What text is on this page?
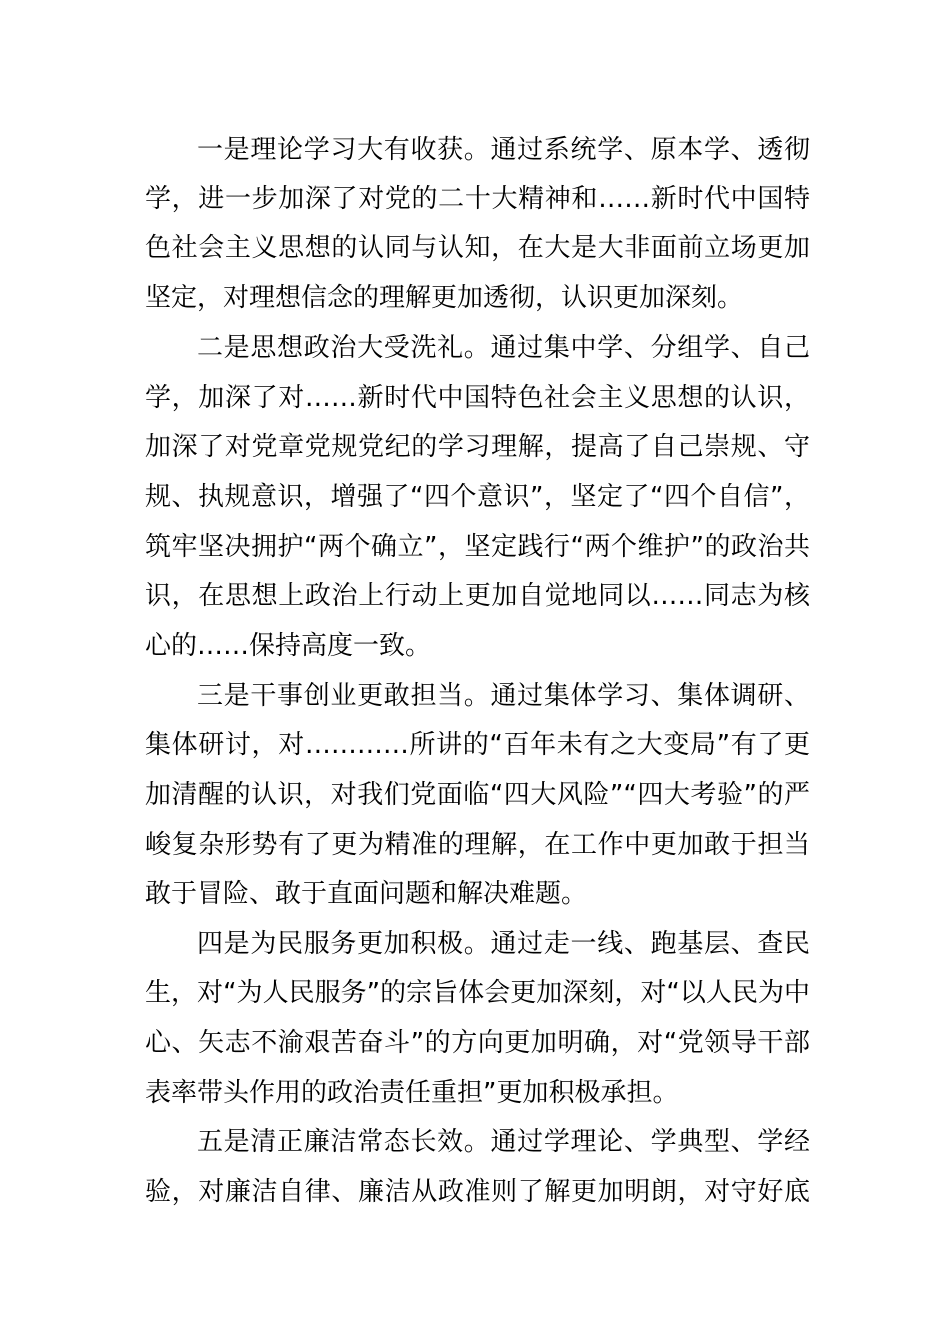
一是理论学习大有收获。通过系统学、原本学、透彻
学，进一步加深了对党的二十大精神和……新时代中国特
色社会主义思想的认同与认知，在大是大非面前立场更加
坚定，对理想信念的理解更加透彻，认识更加深刻。
二是思想政治大受洗礼。通过集中学、分组学、自己
学，加深了对……新时代中国特色社会主义思想的认识，
加深了对党章党规党纪的学习理解，提高了自己崇规、守
规、执规意识，增强了“四个意识”，坚定了“四个自信”，
筑牢坚决拥护“两个确立”，坚定践行“两个维护”的政治共
识，在思想上政治上行动上更加自觉地同以……同志为核
心的……保持高度一致。
三是干事创业更敢担当。通过集体学习、集体调研、
集体研讨，对…………所讲的“百年未有之大变局”有了更
加清醒的认识，对我们党面临“四大风险”“四大考验”的严
峻复杂形势有了更为精准的理解，在工作中更加敢于担当
敢于冒险、敢于直面问题和解决难题。
四是为民服务更加积极。通过走一线、跑基层、查民
生，对“为人民服务”的宗旨体会更加深刻，对“以人民为中
心、矢志不渝艰苦奋斗”的方向更加明确，对“党领导干部
表率带头作用的政治责任重担”更加积极承担。
五是清正廉洁常态长效。通过学理论、学典型、学经
验，对廉洁自律、廉洁从政准则了解更加明朗，对守好底
